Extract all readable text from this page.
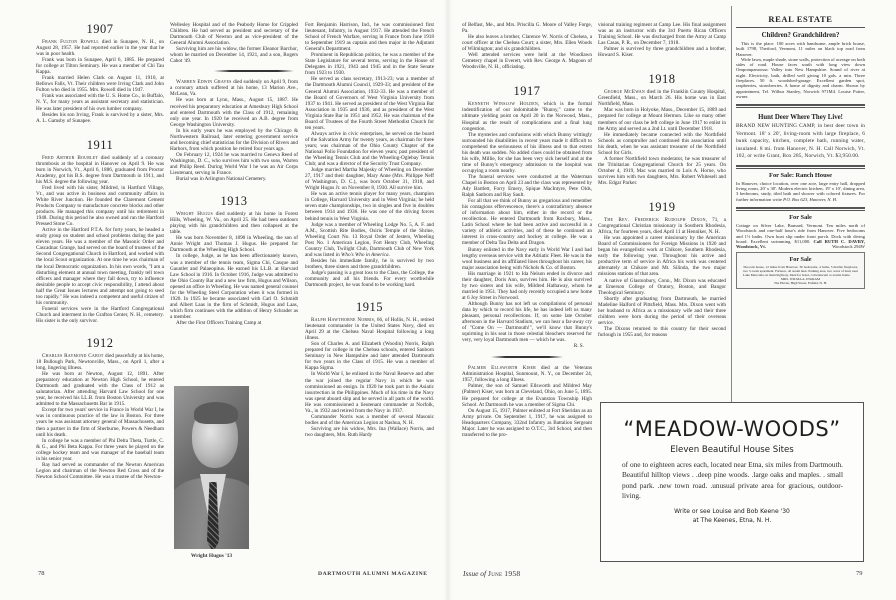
1907

Frank Fulton Rowell died in Sunapee, N. H., on August 28, 1957. He had reported earlier in the year that he was in poor health.

Frank was born in Sunapee, April 6, 1885. He prepared for college at Tilton Seminary. He was a member of Chi Tau Kappa.

Frank married Helen Clark on August 11, 1910, at Bellows Falls, Vt. Their children were Irving Clark and John Fulton who died in 1955. Mrs. Rowell died in 1947.

Frank was associated with the U. S. Home Co., in Buffalo, N. Y., for many years as assistant secretary and statistician. He was later president of his own lumber company.

Besides his son Irving, Frank is survived by a sister, Mrs. A. L. Gamsby of Sunapee.

1911

Fred Arthur Bourlet died suddenly of a coronary thrombosis at the hospital in Hanover on April 9. He was born in Norwich, Vt., April 6, 1886, graduated from Proctor Academy, got his B.S. degree from Dartmouth in 1911, and his M.S. degree the following year.

Fred lived with his sister, Mildred, in Hartford Village, Vt., and was active in business and community affairs in White River Junction. He founded the Claremont Cement Products Company to manufacture concrete blocks and other products. He managed this company until his retirement in 1948. During this period he also owned and ran the Hartford Pressed Stone Co.

Active in the Hartford P.T.A. for forty years, he headed a study group on student and school problems during the past eleven years. He was a member of the Masonic Order and Cascadnac Grange, had served on the board of trustees of the Second Congregational Church in Hartford, and worked with the local Scout organization. At one time he was chairman of the local Democratic organization. In his own words, "I am a disturbing element at annual town meeting, frankly tell town officers and manager where they fall down, try to influence desirable people to accept civic responsibility, I attend about half the Great Issues lectures and attempt not going to seed too rapidly." He was indeed a competent and useful citizen of his community.

Funeral services were in the Hartford Congregational Church and interment in the Grafton Center, N. H., cemetery. His sister is the only survivor.

1912

Charles Raymond Cabot died peacefully at his home, 18 Bullough Park, Newtonville, Mass., on April 1, after a long, lingering illness.

He was born at Newton, August 12, 1891. After preparatory education at Newton High School, he entered Dartmouth and graduated with the Class of 1912 as salutatorian. After attending Harvard Law School for one year, he received his LL.B. from Boston University and was admitted to the Massachusetts Bar in 1915.

Except for two years' service in France in World War I, he was in continuous practice of the law in Boston. For three years he was assistant attorney general of Massachusetts, and then a partner in the firm of Sherburne, Powers & Needham until his death.

In college he was a member of Phi Delta Theta, Turtle, C. & G., and Phi Beta Kappa. For three years he played on the college hockey team and was manager of the baseball team in his senior year.

Ray had served as commander of the Newton American Legion and chairman of the Newton Red Cross and of the Newton School Committee. He was a trustee of the Newton-

Wellesley Hospital and of the Peabody Home for Crippled Children. He had served as president and secretary of the Dartmouth Club of Newton and as vice-president of the General Alumni Association.

Surviving him are his widow, the former Eleanor Barchor, whom he married on December 14, 1921, and a son, Rogers Cabot '49.

Warren Edwin Graves died suddenly on April 9, from a coronary attack suffered at his home, 13 Marion Ave., McLean, Va.

He was born at Lynn, Mass., August 15, 1887. He received his preparatory education at Amesbury High School and entered Dartmouth with the Class of 1912, remaining only one year. In 1920 he received an A.B. degree from George Washington University.

In his early years he was employed by the Chicago & Northwestern Railroad, later entering government service and becoming chief statistician for the Division of Rivers and Harbors, from which position he retired four years ago.

On February 12, 1924 he was married to Geneva Reed of Washington, D. C., who survives him with two sons, Warren and Philip Reed. During World War I he was an Air Corps Lieutenant, serving in France.

Burial was in Arlington National Cemetery.

1913

Wright Hugus died suddenly at his home in Forest Hills, Wheeling, W. Va., on April 25. He had been outdoors playing with his grandchildren and then collapsed at the table.

He was born November 8, 1890 in Wheeling, the son of Annie Wright and Thomas J. Hugus. He prepared for Dartmouth at the Wheeling High School.

In college, Judge, as he has been affectionately known, was a member of the tennis team, Sigma Chi, Casque and Gauntlet and Palaeopitus. He earned his LL.B. at Harvard Law School in 1916. In October 1916, Judge was admitted to the Ohio County Bar and a new law firm, Hugus and Wilson, opened an office in Wheeling. He was named general counsel for the Wheeling Steel Corporation when it was formed in 1920. In 1925 he became associated with Carl O. Schmidt and Albert Laas in the firm of Schmidt, Hugus and Laas, which firm continues with the addition of Henry Schrader as a member.

After the First Officers Training Camp at

Wright Hugus '13

Fort Benjamin Harrison, Ind., he was commissioned first lieutenant, Infantry, in August 1917. He attended the French School of French Warfare, serving in France from June 1918 to September 1919 as captain and then major in the Adjutant General's Department.

Prominent in Republican politics, he was a member of the State Legislature for several terms, serving in the House of Delegates in 1921, 1943 and 1945 and in the State Senate from 1923 to 1930.

He served as class secretary, 1913-23; was a member of the Dartmouth Alumni Council, 1929-33; and president of the General Alumni Association, 1932-33. He was a member of the Board of Governors of West Virginia University from 1937 to 1941. He served as president of the West Virginia Bar Association in 1935 and 1936, and as president of the West Virginia State Bar in 1951 and 1952. He was chairman of the Board of Trustees of the Fourth Street Methodist Church for ten years.

Always active in civic enterprises, he served on the board of the Salvation Army for twenty years, as chairman for three years; was chairman of the Ohio County Chapter of the National Polio Foundation for eleven years; past president of the Wheeling Tennis Club and the Wheeling-Oglebay Tennis Club; and was a director of the Security Trust Company.

Judge married Martha Majesky of Wheeling on December 27, 1917 and their daughter, Mary Anne (Mrs. Philippe Neff of Washington, D. C.), was born October 31, 1918, and Wright Hugus Jr. on November 8, 1930. All survive him.

He was an active tennis player for many years, champion in College, Harvard University and in West Virginia; he held seven state championships, two in singles and five in doubles between 1914 and 1936. He was one of the driving forces behind tennis in West Virginia.

Judge was a member of Wheeling Lodge No. 5, A. F. and A.M., Scottish Rite Bodies, Osiris Temple of the Shrine, Wheeling Court No. 13 Royal Order of Jesters, Wheeling Post No. 1 American Legion, Fort Henry Club, Wheeling Country Club, Twilight Club, Dartmouth Club of New York and was listed in Who's Who in America.

Besides his immediate family, he is survived by two brothers, three sisters and three grandchildren.

Judge's passing is a great loss to the Class, the College, the community and all his friends. For every worthwhile Dartmouth project, he was found to be working hard.

1915

Ralph Hawthorne Norris, 66, of Hollis, N. H., retired lieutenant commander in the United States Navy, died on April 29 at the Chelsea Naval Hospital following a long illness.

Son of Charles A. and Elizabeth (Woodin) Norris, Ralph prepared for college in the Chelsea schools, entered Sanborn Seminary in New Hampshire and later attended Dartmouth for two years in the Class of 1915. He was a member of Kappa Sigma.

In World War I, he enlisted in the Naval Reserve and after the war joined the regular Navy in which he was commissioned an ensign. In 1920 he took part in the Asiatic insurrection in the Philippines. Much of his time in the Navy was spent aboard ship and he served in all parts of the world. He was commissioned a lieutenant commander at Norfolk, Va., in 1932 and retired from the Navy in 1937.

Commander Norris was a member of several Masonic bodies and of the American Legion at Nashua, N. H.

Surviving are his widow, Mrs. Ina (Wallace) Norris, and two daughters, Mrs. Ruth Hardy

78	DARTMOUTH ALUMNI MAGAZINE

of Belfast, Me., and Mrs. Priscilla G. Moore of Valley Forge, Pa.

He also leaves a brother, Clarence W. Norris of Chelsea, a court officer at the Chelsea Court; a sister, Mrs. Ellen Woods of Wilmington; and six grandchildren.

Well attended services were held at the Woodlawn Cemetery chapel in Everett, with Rev. George A. Magoon of Woodsville, N. H., officiating.

1917

Kenneth Winslow Holden, which is the formal indentification of our indomitable "Bunny," came to the ultimate yielding point on April 20 in the Norwood, Mass., Hospital as the result of complications and a final lung congestion.

The mysteries and confusions with which Bunny wittingly surrounded his disabilities in recent years made it difficult to comprehend the seriousness of his illness and to that extent his death was sudden. No added clues could be obtained from his wife, Millie, for she has been very sick herself and at the time of Bunny's emergency admission to the hospital was occupying a room nearby.

The funeral services were conducted at the Waterman Chapel in Boston on April 23 and the class was represented by Ady Bartlett, Forry Emery, Spique MacIntyre, Pete Olds, Ralph Sanborn and Ray Sault.

For all that we think of Bunny as gregarious and remember his contagious effervescence, there's a contradictory absence of information about him, either in the record or the recollection. He entered Dartmouth from Roxbury, Mass., Latin School where he had been active and successful in a variety of athletic activities, and of these he continued an interest in cross-country and hockey at college. He was a member of Delta Tau Delta and Dragon.

Bunny enlisted in the Navy early in World War I and had lengthy overseas service with the Adriatic Fleet. He was in the wool business and its affiliated lines throughout his career, his major association being with Nichols & Co. of Boston.

His marriage in 1921 to Ida Nelson ended in divorce and their daughter, Doris Ann, survives him. He is also survived by two sisters and his wife, Mildred Hathaway, whom he married in 1951. They had only recently occupied a new home at 6 Joy Street in Norwood.

Although Bunny has not left us compilations of personal data by which to record his life, he has indeed left us many pleasant, personal recollections. If, on some late October afternoon in the Harvard Stadium, we can hear a far-away cry of "Come On — Dartmouth!", we'll know that Bunny's squirming in his seat in those celestial bleachers reserved for very, very loyal Dartmouth men — which he was.

R. S.

Palmer Ellsworth Kiser died at the Veterans Administration Hospital, Sunmount, N. Y., on December 24, 1957, following a long illness.

Palmer, the son of Samuel Ellsworth and Mildred May (Palmer) Kiser, was born at Cleveland, Ohio, on June 5, 1895. He prepared for college at the Evanston Township High School. At Dartmouth he was a member of Sigma Chi.

On August 15, 1917, Palmer enlisted at Fort Sheridan as an Army private. On September 1, 1917, he was assigned to Headquarters Company, 332nd Infantry as Battalion Sergeant Major. Later he was assigned to O.T.C., 3rd School, and then transferred to the pro-

visional training regiment at Camp Lee. His final assignment was as an instructor with the 3rd Puerto Rican Officers Training School. He was discharged from the Army at Camp Las Casas, P. R., on December 7, 1918.

Palmer is survived by three grandchildren and a brother, Howard S. Kiser.

1918

George McEwan died in the Franklin County Hospital, Greenfield, Mass., on March 26. His home was in East Northfield, Mass.

Mac was born in Holyoke, Mass., December 15, 1889 and prepared for college at Mount Hermon. Like so many other members of our class he left college in June 1917 to enlist in the Army and served as a 2nd Lt. until December 1918.

He immediately became connected with the Northfield Schools as comptroller and continued this association until his death, when he was assistant treasurer of the Northfield School for Girls.

A former Northfield town moderator, he was treasurer of the Trinitarian Congregational Church for 25 years. On October 4, 1919, Mac was married to Lois A. Horne, who survives him with two daughters, Mrs. Robert Whitesell and Mrs. Edgar Parker.

1919

The Rev. Frederick Rudolph Dixon, 71, a Congregational Christian missionary in Southern Rhodesia, Africa, for fourteen years, died April 11 at Henniker, N. H.

He was appointed a career missionary by the American Board of Commissioners for Foreign Missions in 1920 and began his evangelistic work at Chikore, Southern Rhodesia, early the following year. Throughout his active and productive term of service in Africa his work was centered alternately at Chikore and Mt. Silinda, the two major missions stations of that area.

A native of Glastonbury, Conn., Mr. Dixon was educated at Emerson College of Oratory, Boston, and Bangor Theological Seminary.

Shortly after graduating from Dartmouth, he married Madeline Halford of Pittsfield, Mass. Mrs. Dixon went with her husband to Africa as a missionary wife and their three children were born during the period of their overseas service.

The Dixons returned to this country for their second furlough in 1955 and, for reasons

REAL ESTATE
Children? Grandchildren?

This is the place. 100 acres with handsome, ample brick house, built 1798, Thetford, Vermont, 11 miles on black top road from Hanover.

Wide lawn, maple shade, stone walls, protection of acreage on both sides of road. House faces south with long view down Ompompanoosuc Valley into New Hampshire. Sound of river at night. Electricity, bath, drilled well giving 10 gals. a min. Three fireplaces. 50 ft. woodshed-garage. Excellent garden spot, raspberries, strawberries. A home of dignity and charm. Shown by appointment, Tel. Wilbur Stanley, Norwich 971M4. Louise Potter, owner.

Hunt Deer Where They Live!
BRAND NEW HUNTING CAMP, in best deer town in Vermont. 18' x 20', living-room with large fireplace, 6 bunk capacity, kitchen, complete bath, running water, insulated. 8 mi. from Hanover, N. H. Call Norwich, Vt. 102, or write Grant, Box 285, Norwich, Vt. $3,950.00.
For Sale: Ranch House
In Hanover, choice location, over one acre, large entry hall, dropped living room, 20' x 30'. Modern electric kitchen, 19' x 10', dining area, 3 bedrooms, study, tiled bath and shower with colored fixtures. For further information write P.O. Box 623, Hanover, N. H.
For Sale
Cottage on Silver Lake, Barnard, Vermont. Ten miles north of Woodstock and one-half hour's ride from Hanover. Five bedrooms and 1½ baths. Own boat slip under front porch. Dock with diving board. Excellent swimming. $11,000. Call RUTH C. DAVRY, Woodstock, Vt.	Woodstock 294W
For Sale
36-room house, 12 miles from Hanover, 30 bedrooms, 4 baths, 3 marble fireplaces, two 5-room apartment. Furnace, oil steam heat. Parking area, two acres of land, near Lake Mascoma on main highway. Ideal for hotel, convalescent or tourist home.
MRS. WILMA A. INGRAM
The Haven, High Street, Enfield, N. H.
“MEADOW-WOODS”
Eleven Beautiful House Sites
of one to eighteen acres each, located near Etna, six miles from Dartmouth. Beautiful hilltop views . .deep pine woods. .large oaks and maples. . small pond park. .new town road. .unusual private area for gracious, outdoor-living.
Write or see Louise and Bob Keene '30
at The Keenes, Etna, N. H.
Issue of June 1958	79
